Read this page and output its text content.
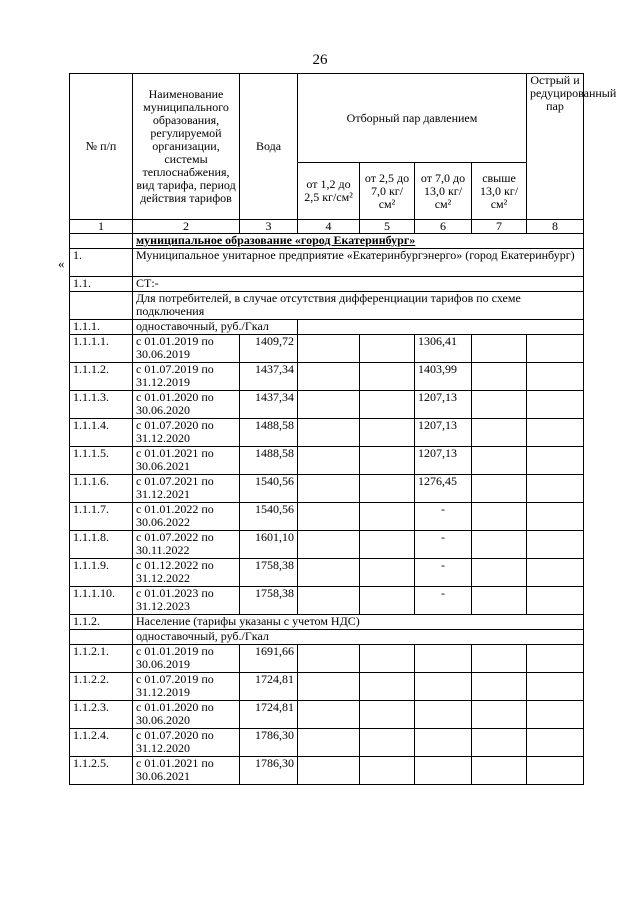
26
«
№ п/п	Наименование муниципального образования, регулируемой организации, системы теплоснабжения, вид тарифа, период действия тарифов	Вода	Отборный пар давлением				Острый и редуцированный пар
			от 1,2 до 2,5 кг/см²	от 2,5 до 7,0 кг/см²	от 7,0 до 13,0 кг/см²	свыше 13,0 кг/см²	
1	2	3	4	5	6	7	8
	муниципальное образование «город Екатеринбург»						
1.	Муниципальное унитарное предприятие «Екатеринбургэнерго» (город Екатеринбург)						
1.1.	СТ:-						
	Для потребителей, в случае отсутствия дифференциации тарифов по схеме подключения						
1.1.1.	одноставочный, руб./Гкал						
1.1.1.1.	с 01.01.2019 по 30.06.2019	1409,72			1306,41		
1.1.1.2.	с 01.07.2019 по 31.12.2019	1437,34			1403,99		
1.1.1.3.	с 01.01.2020 по 30.06.2020	1437,34			1207,13		
1.1.1.4.	с 01.07.2020 по 31.12.2020	1488,58			1207,13		
1.1.1.5.	с 01.01.2021 по 30.06.2021	1488,58			1207,13		
1.1.1.6.	с 01.07.2021 по 31.12.2021	1540,56			1276,45		
1.1.1.7.	с 01.01.2022 по 30.06.2022	1540,56			-		
1.1.1.8.	с 01.07.2022 по 30.11.2022	1601,10			-		
1.1.1.9.	с 01.12.2022 по 31.12.2022	1758,38			-		
1.1.1.10.	с 01.01.2023 по 31.12.2023	1758,38			-		
1.1.2.	Население (тарифы указаны с учетом НДС)						
	одноставочный, руб./Гкал						
1.1.2.1.	с 01.01.2019 по 30.06.2019	1691,66					
1.1.2.2.	с 01.07.2019 по 31.12.2019	1724,81					
1.1.2.3.	с 01.01.2020 по 30.06.2020	1724,81					
1.1.2.4.	с 01.07.2020 по 31.12.2020	1786,30					
1.1.2.5.	с 01.01.2021 по 30.06.2021	1786,30					
